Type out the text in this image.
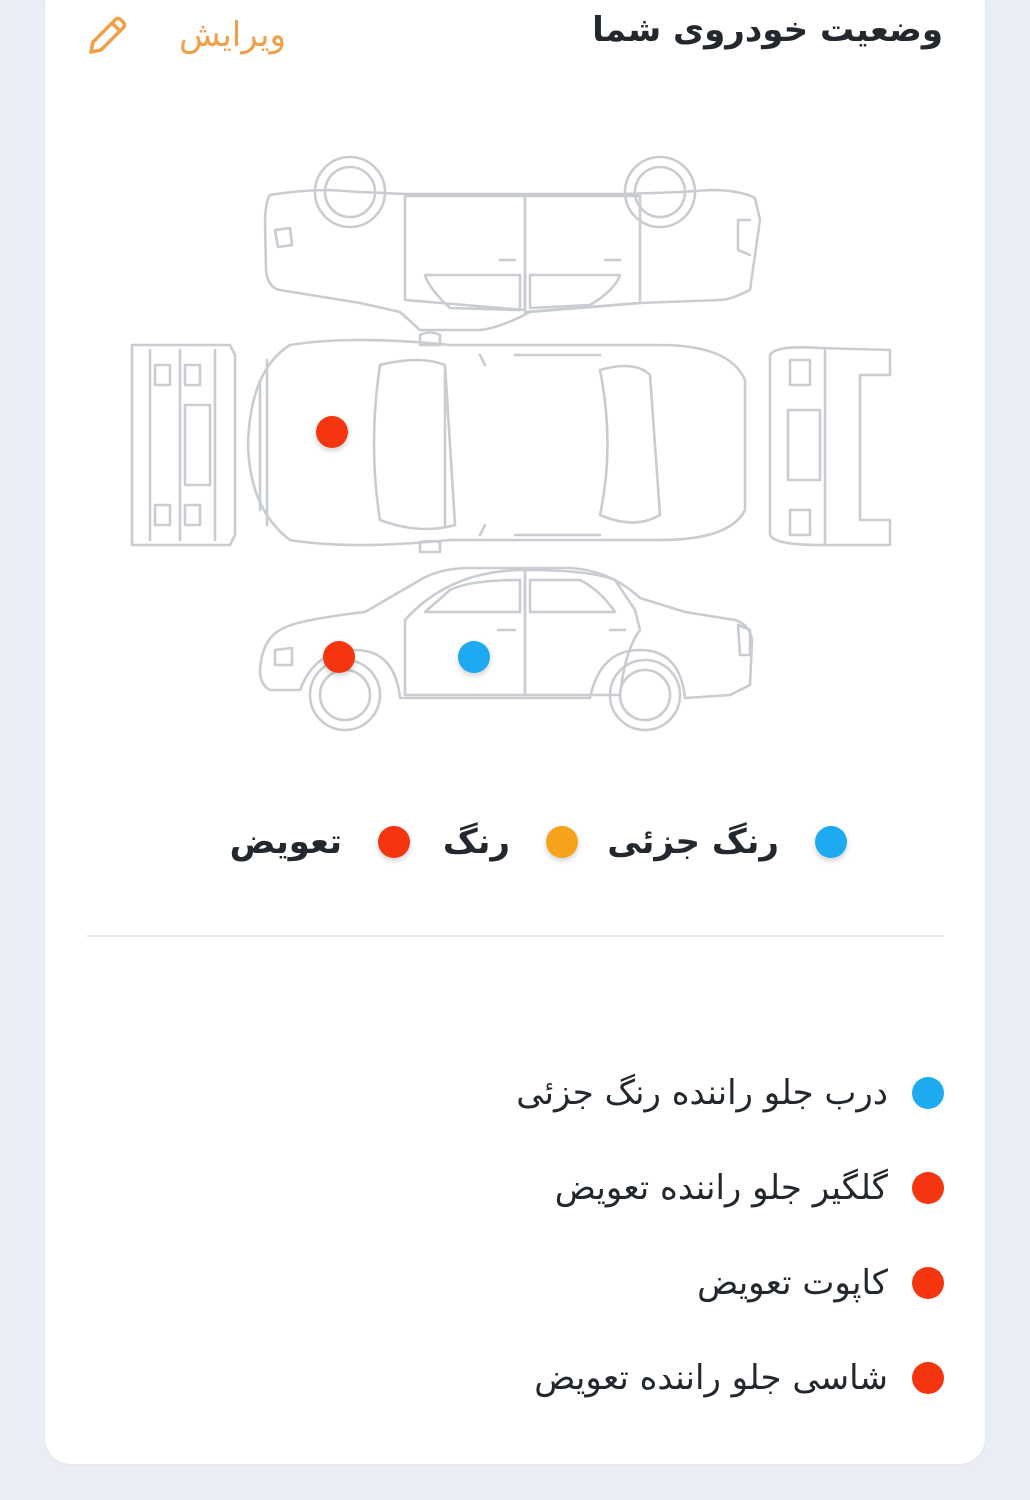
وضعیت خودروی شما
ویرایش
رنگ جزئی
رنگ
تعویض
درب جلو راننده رنگ جزئی
گلگیر جلو راننده تعویض
کاپوت تعویض
شاسی جلو راننده تعویض
